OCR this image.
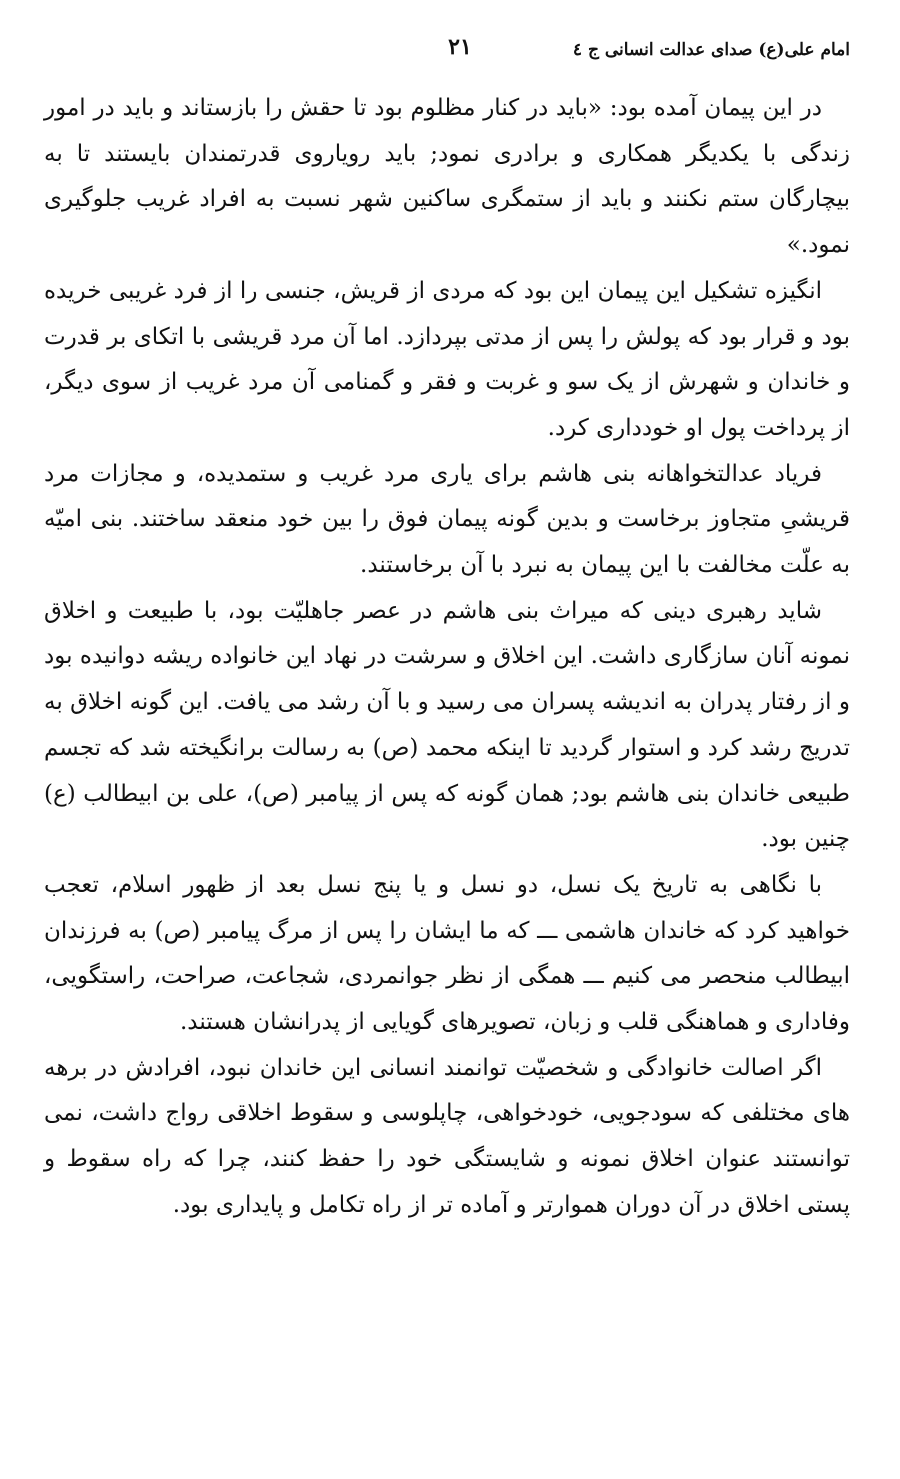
٢١	امام علی(ع) صدای عدالت انسانی ج ٤

در این پیمان آمده بود: «باید در کنار مظلوم بود تا حقش را بازستاند و باید در امور زندگی با یکدیگر همکاری و برادری نمود; باید رویاروی قدرتمندان بایستند تا به بیچارگان ستم نکنند و باید از ستمگری ساکنین شهر نسبت به افراد غریب جلوگیری نمود.»

انگیزه تشکیل این پیمان این بود که مردی از قریش، جنسی را از فرد غریبی خریده بود و قرار بود که پولش را پس از مدتی بپردازد. اما آن مرد قریشی با اتکای بر قدرت و خاندان و شهرش از یک سو و غربت و فقر و گمنامی آن مرد غریب از سوی دیگر، از پرداخت پول او خودداری کرد.

فریاد عدالتخواهانه بنی هاشم برای یاری مرد غریب و ستمدیده، و مجازات مرد قریشیِ متجاوز برخاست و بدین گونه پیمان فوق را بین خود منعقد ساختند. بنی امیّه به علّت مخالفت با این پیمان به نبرد با آن برخاستند.

شاید رهبری دینی که میراث بنی هاشم در عصر جاهلیّت بود، با طبیعت و اخلاق نمونه آنان سازگاری داشت. این اخلاق و سرشت در نهاد این خانواده ریشه دوانیده بود و از رفتار پدران به اندیشه پسران می رسید و با آن رشد می یافت. این گونه اخلاق به تدریج رشد کرد و استوار گردید تا اینکه محمد (ص) به رسالت برانگیخته شد که تجسم طبیعی خاندان بنی هاشم بود; همان گونه که پس از پیامبر (ص)، علی بن ابیطالب (ع) چنین بود.

با نگاهی به تاریخ یک نسل، دو نسل و یا پنج نسل بعد از ظهور اسلام، تعجب خواهید کرد که خاندان هاشمی ـــ که ما ایشان را پس از مرگ پیامبر (ص) به فرزندان ابیطالب منحصر می کنیم ـــ همگی از نظر جوانمردی، شجاعت، صراحت، راستگویی، وفاداری و هماهنگی قلب و زبان، تصویرهای گویایی از پدرانشان هستند.

اگر اصالت خانوادگی و شخصیّت توانمند انسانی این خاندان نبود، افرادش در برهه های مختلفی که سودجویی، خودخواهی، چاپلوسی و سقوط اخلاقی رواج داشت، نمی توانستند عنوان اخلاق نمونه و شایستگی خود را حفظ کنند، چرا که راه سقوط و پستی اخلاق در آن دوران هموارتر و آماده تر از راه تکامل و پایداری بود.
